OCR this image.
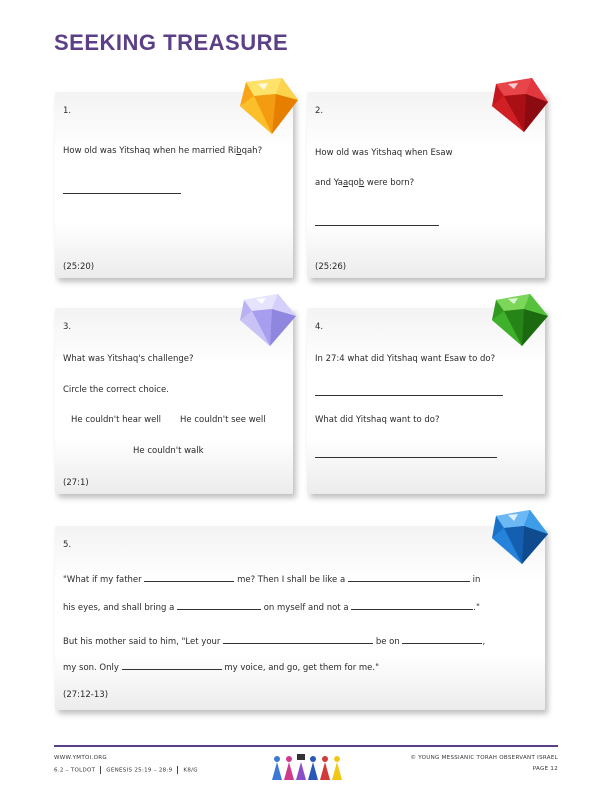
SEEKING TREASURE
1.
How old was Yitshaq when he married Ribqah?
(25:20)
2.
How old was Yitshaq when Esaw
and Yaaqob were born?
(25:26)
3.
What was Yitshaq's challenge?
Circle the correct choice.
He couldn't hear well He couldn't see well
He couldn't walk
(27:1)
4.
In 27:4 what did Yitshaq want Esaw to do?
What did Yitshaq want to do?
5.
"What if my father	me? Then I shall be like a	in
his eyes, and shall bring a	on myself and not a	."
But his mother said to him, "Let your	be on	,
my son. Only	my voice, and go, get them for me."
(27:12-13)
WWW.YMTOI.ORG
6.2 – TOLDOT GENESIS 25:19 – 28:9 K8/G
© YOUNG MESSIANIC TORAH OBSERVANT ISRAEL
PAGE 12
